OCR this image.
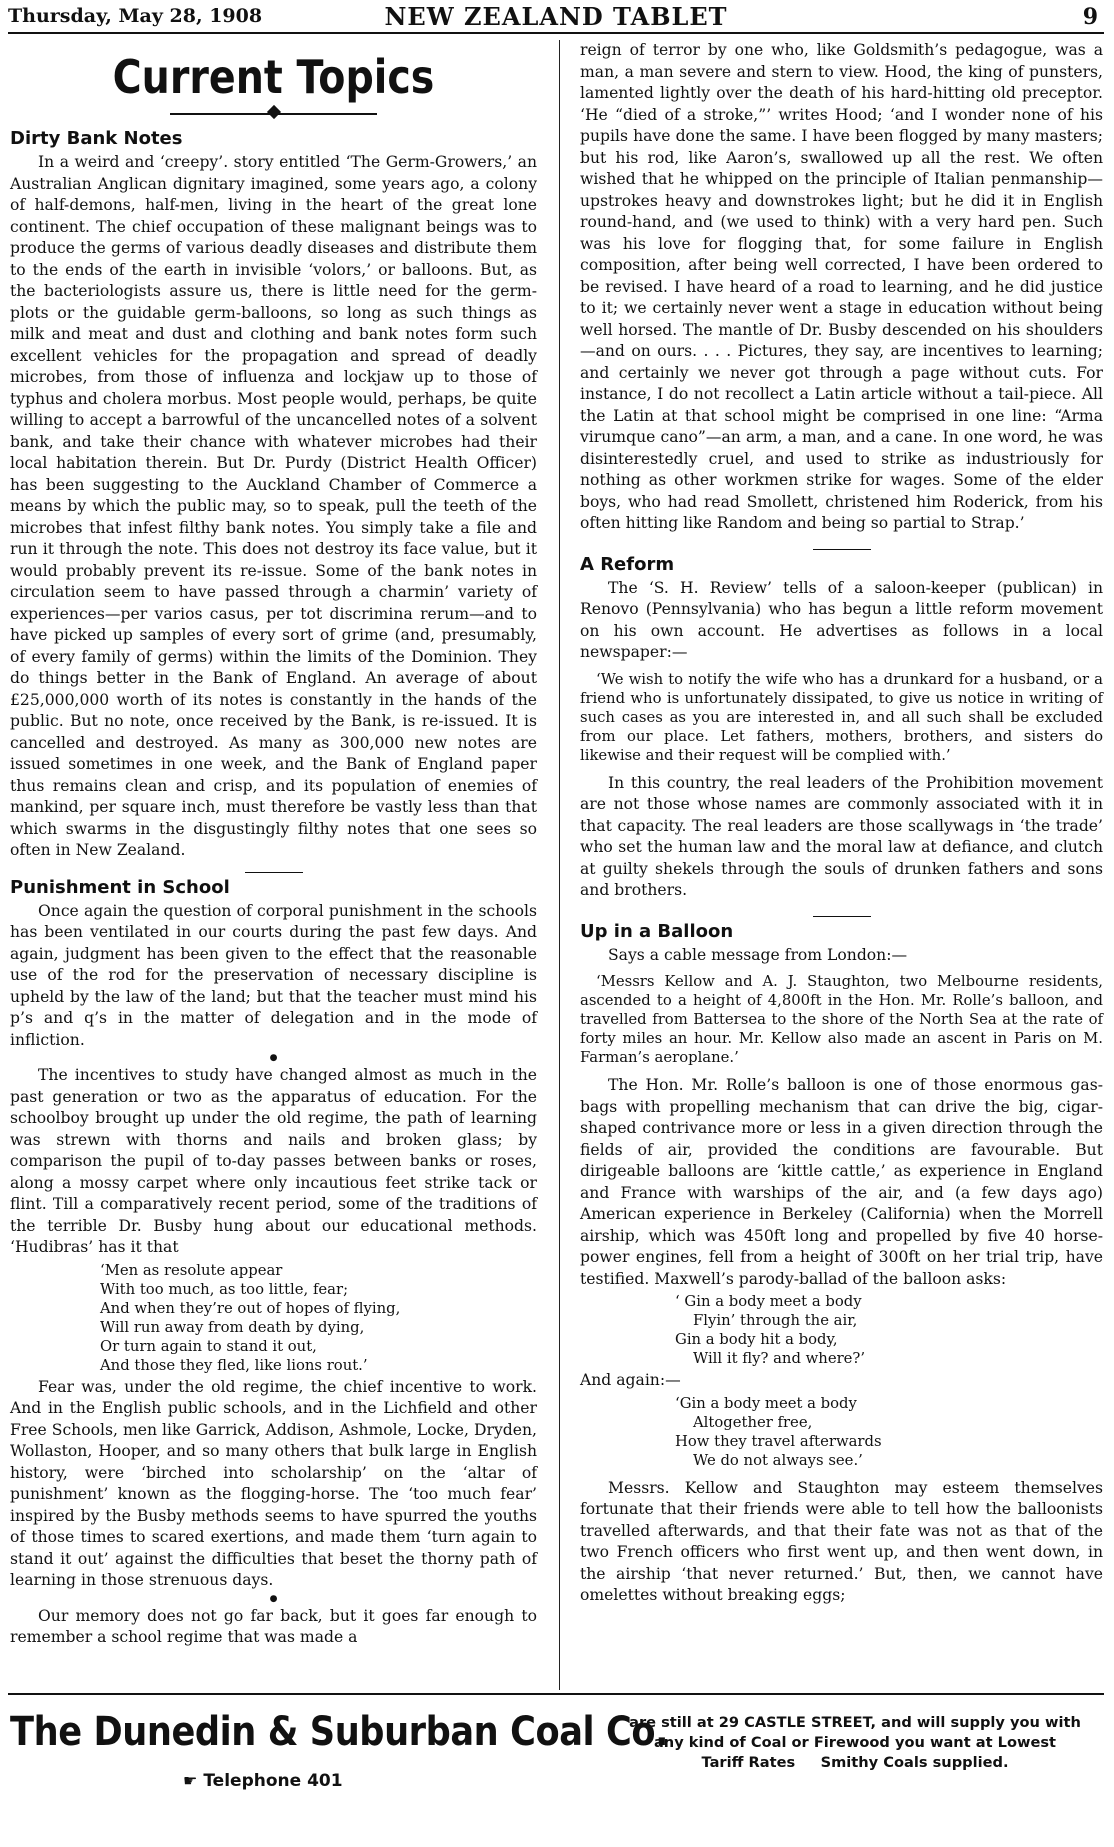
Thursday, May 28, 1908	NEW ZEALAND TABLET	9
Current Topics
Dirty Bank Notes

In a weird and ‘creepy’. story entitled ‘The Germ-Growers,’ an Australian Anglican dignitary imagined, some years ago, a colony of half-demons, half-men, living in the heart of the great lone continent. The chief occupation of these malignant beings was to produce the germs of various deadly diseases and distribute them to the ends of the earth in invisible ‘volors,’ or balloons. But, as the bacteriologists assure us, there is little need for the germ-plots or the guidable germ-balloons, so long as such things as milk and meat and dust and clothing and bank notes form such excellent vehicles for the propagation and spread of deadly microbes, from those of influenza and lockjaw up to those of typhus and cholera morbus. Most people would, perhaps, be quite willing to accept a barrowful of the uncancelled notes of a solvent bank, and take their chance with whatever microbes had their local habitation therein. But Dr. Purdy (District Health Officer) has been suggesting to the Auckland Chamber of Commerce a means by which the public may, so to speak, pull the teeth of the microbes that infest filthy bank notes. You simply take a file and run it through the note. This does not destroy its face value, but it would probably prevent its re-issue. Some of the bank notes in circulation seem to have passed through a charmin’ variety of experiences—per varios casus, per tot discrimina rerum—and to have picked up samples of every sort of grime (and, presumably, of every family of germs) within the limits of the Dominion. They do things better in the Bank of England. An average of about £25,000,000 worth of its notes is constantly in the hands of the public. But no note, once received by the Bank, is re-issued. It is cancelled and destroyed. As many as 300,000 new notes are issued sometimes in one week, and the Bank of England paper thus remains clean and crisp, and its population of enemies of mankind, per square inch, must therefore be vastly less than that which swarms in the disgustingly filthy notes that one sees so often in New Zealand.

Punishment in School

Once again the question of corporal punishment in the schools has been ventilated in our courts during the past few days. And again, judgment has been given to the effect that the reasonable use of the rod for the preservation of necessary discipline is upheld by the law of the land; but that the teacher must mind his p’s and q’s in the matter of delegation and in the mode of infliction.

●

The incentives to study have changed almost as much in the past generation or two as the apparatus of education. For the schoolboy brought up under the old regime, the path of learning was strewn with thorns and nails and broken glass; by comparison the pupil of to-day passes between banks or roses, along a mossy carpet where only incautious feet strike tack or flint. Till a comparatively recent period, some of the traditions of the terrible Dr. Busby hung about our educational methods. ‘Hudibras’ has it that

‘Men as resolute appear
With too much, as too little, fear;
And when they’re out of hopes of flying,
Will run away from death by dying,
Or turn again to stand it out,
And those they fled, like lions rout.’

Fear was, under the old regime, the chief incentive to work. And in the English public schools, and in the Lichfield and other Free Schools, men like Garrick, Addison, Ashmole, Locke, Dryden, Wollaston, Hooper, and so many others that bulk large in English history, were ‘birched into scholarship’ on the ‘altar of punishment’ known as the flogging-horse. The ‘too much fear’ inspired by the Busby methods seems to have spurred the youths of those times to scared exertions, and made them ‘turn again to stand it out’ against the difficulties that beset the thorny path of learning in those strenuous days.

●

Our memory does not go far back, but it goes far enough to remember a school regime that was made a

reign of terror by one who, like Goldsmith’s pedagogue, was a man, a man severe and stern to view. Hood, the king of punsters, lamented lightly over the death of his hard-hitting old preceptor. ‘He “died of a stroke,”’ writes Hood; ‘and I wonder none of his pupils have done the same. I have been flogged by many masters; but his rod, like Aaron’s, swallowed up all the rest. We often wished that he whipped on the principle of Italian penmanship—upstrokes heavy and downstrokes light; but he did it in English round-hand, and (we used to think) with a very hard pen. Such was his love for flogging that, for some failure in English composition, after being well corrected, I have been ordered to be revised. I have heard of a road to learning, and he did justice to it; we certainly never went a stage in education without being well horsed. The mantle of Dr. Busby descended on his shoulders—and on ours. . . . Pictures, they say, are incentives to learning; and certainly we never got through a page without cuts. For instance, I do not recollect a Latin article without a tail-piece. All the Latin at that school might be comprised in one line: “Arma virumque cano”—an arm, a man, and a cane. In one word, he was disinterestedly cruel, and used to strike as industriously for nothing as other workmen strike for wages. Some of the elder boys, who had read Smollett, christened him Roderick, from his often hitting like Random and being so partial to Strap.’

A Reform

The ‘S. H. Review’ tells of a saloon-keeper (publican) in Renovo (Pennsylvania) who has begun a little reform movement on his own account. He advertises as follows in a local newspaper:—

‘We wish to notify the wife who has a drunkard for a husband, or a friend who is unfortunately dissipated, to give us notice in writing of such cases as you are interested in, and all such shall be excluded from our place. Let fathers, mothers, brothers, and sisters do likewise and their request will be complied with.’

In this country, the real leaders of the Prohibition movement are not those whose names are commonly associated with it in that capacity. The real leaders are those scallywags in ‘the trade’ who set the human law and the moral law at defiance, and clutch at guilty shekels through the souls of drunken fathers and sons and brothers.

Up in a Balloon

Says a cable message from London:—

‘Messrs Kellow and A. J. Staughton, two Melbourne residents, ascended to a height of 4,800ft in the Hon. Mr. Rolle’s balloon, and travelled from Battersea to the shore of the North Sea at the rate of forty miles an hour. Mr. Kellow also made an ascent in Paris on M. Farman’s aeroplane.’

The Hon. Mr. Rolle’s balloon is one of those enormous gas-bags with propelling mechanism that can drive the big, cigar-shaped contrivance more or less in a given direction through the fields of air, provided the conditions are favourable. But dirigeable balloons are ‘kittle cattle,’ as experience in England and France with warships of the air, and (a few days ago) American experience in Berkeley (California) when the Morrell airship, which was 450ft long and propelled by five 40 horse-power engines, fell from a height of 300ft on her trial trip, have testified. Maxwell’s parody-ballad of the balloon asks:

‘ Gin a body meet a body
Flyin’ through the air,
Gin a body hit a body,
Will it fly? and where?’

And again:—

‘Gin a body meet a body
Altogether free,
How they travel afterwards
We do not always see.’

Messrs. Kellow and Staughton may esteem themselves fortunate that their friends were able to tell how the balloonists travelled afterwards, and that their fate was not as that of the two French officers who first went up, and then went down, in the airship ‘that never returned.’ But, then, we cannot have omelettes without breaking eggs;

The Dunedin & Suburban Coal Co.
☛ Telephone 401
are still at 29 CASTLE STREET, and will supply you with
any kind of Coal or Firewood you want at Lowest
Tariff Rates     Smithy Coals supplied.
